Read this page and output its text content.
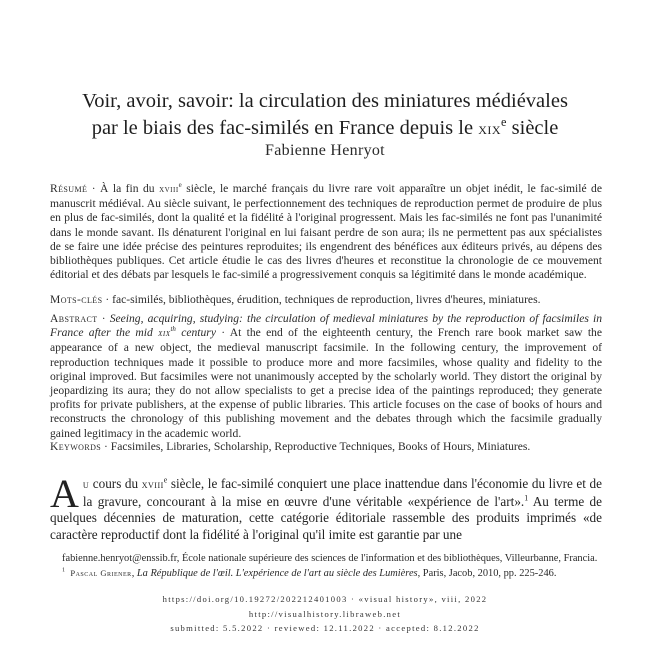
Voir, avoir, savoir: la circulation des miniatures médiévales
par le biais des fac-similés en France depuis le xix$^e$ siècle
Fabienne Henryot
Résumé · À la fin du xviii$^e$ siècle, le marché français du livre rare voit apparaître un objet inédit, le fac-similé de manuscrit médiéval. Au siècle suivant, le perfectionnement des techniques de reproduction permet de produire de plus en plus de fac-similés, dont la qualité et la fidélité à l'original progressent. Mais les fac-similés ne font pas l'unanimité dans le monde savant. Ils dénaturent l'original en lui faisant perdre de son aura; ils ne permettent pas aux spécialistes de se faire une idée précise des peintures reproduites; ils engendrent des bénéfices aux éditeurs privés, au dépens des bibliothèques publiques. Cet article étudie le cas des livres d'heures et reconstitue la chronologie de ce mouvement éditorial et des débats par lesquels le fac-similé a progressivement conquis sa légitimité dans le monde académique.
Mots-clés · fac-similés, bibliothèques, érudition, techniques de reproduction, livres d'heures, miniatures.
Abstract · Seeing, acquiring, studying: the circulation of medieval miniatures by the reproduction of facsimiles in France after the mid xix$^{th}$ century · At the end of the eighteenth century, the French rare book market saw the appearance of a new object, the medieval manuscript facsimile. In the following century, the improvement of reproduction techniques made it possible to produce more and more facsimiles, whose quality and fidelity to the original improved. But facsimiles were not unanimously accepted by the scholarly world. They distort the original by jeopardizing its aura; they do not allow specialists to get a precise idea of the paintings reproduced; they generate profits for private publishers, at the expense of public libraries. This article focuses on the case of books of hours and reconstructs the chronology of this publishing movement and the debates through which the facsimile gradually gained legitimacy in the academic world.
Keywords · Facsimiles, Libraries, Scholarship, Reproductive Techniques, Books of Hours, Miniatures.
Au cours du xviii$^e$ siècle, le fac-similé conquiert une place inattendue dans l'économie du livre et de la gravure, concourant à la mise en œuvre d'une véritable «expérience de l'art».$^1$ Au terme de quelques décennies de maturation, cette catégorie éditoriale rassemble des produits imprimés «de caractère reproductif dont la fidélité à l'original qu'il imite est garantie par une
fabienne.henryot@enssib.fr, École nationale supérieure des sciences de l'information et des bibliothèques, Villeurbanne, Francia.
$^1$ Pascal Griener, La République de l'œil. L'expérience de l'art au siècle des Lumières, Paris, Jacob, 2010, pp. 225-246.
https://doi.org/10.19272/202212401003 · «visual history», viii, 2022
http://visualhistory.libraweb.net
submitted: 5.5.2022 · reviewed: 12.11.2022 · accepted: 8.12.2022
